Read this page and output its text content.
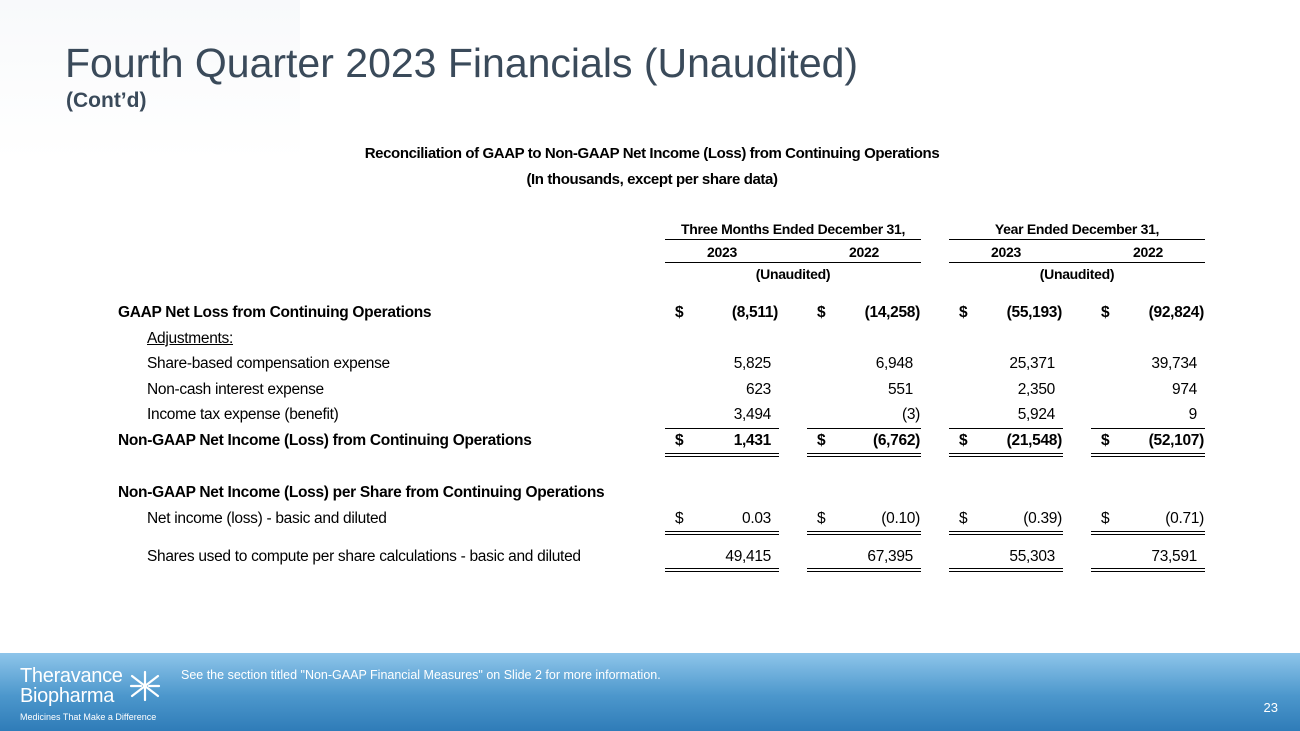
Fourth Quarter 2023 Financials (Unaudited)
(Cont’d)
Reconciliation of GAAP to Non-GAAP Net Income (Loss) from Continuing Operations
(In thousands, except per share data)
Three Months Ended December 31,	Year Ended December 31,
2023	2022	2023	2022
(Unaudited)	(Unaudited)
GAAP Net Loss from Continuing Operations	$	(8,511)	$	(14,258)	$	(55,193)	$	(92,824)
Adjustments:
Share-based compensation expense	5,825	6,948	25,371	39,734
Non-cash interest expense	623	551	2,350	974
Income tax expense (benefit)	3,494	(3)	5,924	9
Non-GAAP Net Income (Loss) from Continuing Operations	$	1,431	$	(6,762)	$	(21,548)	$	(52,107)
Non-GAAP Net Income (Loss) per Share from Continuing Operations
Net income (loss) - basic and diluted	$	0.03	$	(0.10)	$	(0.39)	$	(0.71)
Shares used to compute per share calculations - basic and diluted	49,415	67,395	55,303	73,591
Theravance
Biopharma
Medicines That Make a Difference
See the section titled "Non-GAAP Financial Measures" on Slide 2 for more information.
23
